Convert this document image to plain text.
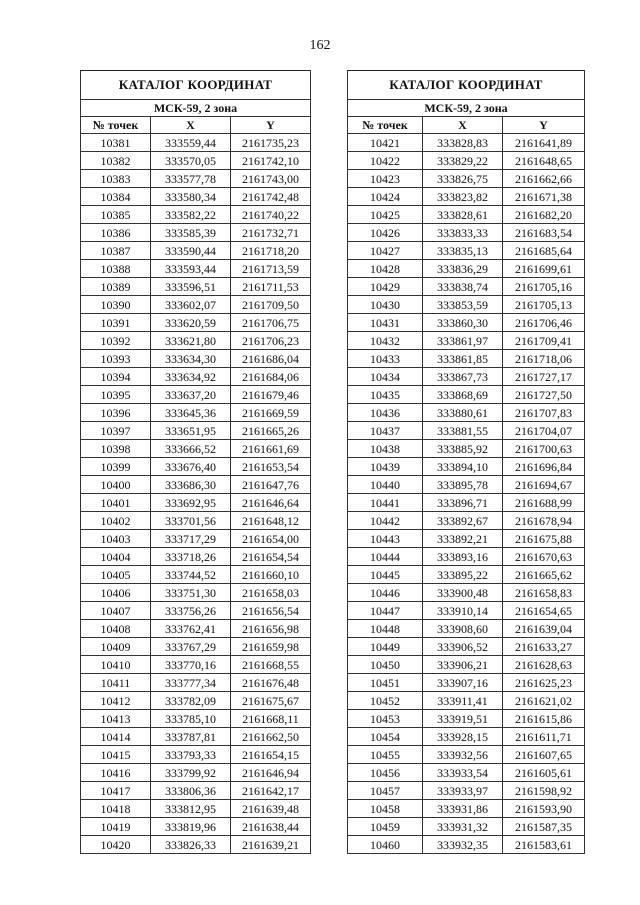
162
КАТАЛОГ КООРДИНАТ		
МСК-59, 2 зона		
№ точек	X	Y
10381	333559,44	2161735,23
10382	333570,05	2161742,10
10383	333577,78	2161743,00
10384	333580,34	2161742,48
10385	333582,22	2161740,22
10386	333585,39	2161732,71
10387	333590,44	2161718,20
10388	333593,44	2161713,59
10389	333596,51	2161711,53
10390	333602,07	2161709,50
10391	333620,59	2161706,75
10392	333621,80	2161706,23
10393	333634,30	2161686,04
10394	333634,92	2161684,06
10395	333637,20	2161679,46
10396	333645,36	2161669,59
10397	333651,95	2161665,26
10398	333666,52	2161661,69
10399	333676,40	2161653,54
10400	333686,30	2161647,76
10401	333692,95	2161646,64
10402	333701,56	2161648,12
10403	333717,29	2161654,00
10404	333718,26	2161654,54
10405	333744,52	2161660,10
10406	333751,30	2161658,03
10407	333756,26	2161656,54
10408	333762,41	2161656,98
10409	333767,29	2161659,98
10410	333770,16	2161668,55
10411	333777,34	2161676,48
10412	333782,09	2161675,67
10413	333785,10	2161668,11
10414	333787,81	2161662,50
10415	333793,33	2161654,15
10416	333799,92	2161646,94
10417	333806,36	2161642,17
10418	333812,95	2161639,48
10419	333819,96	2161638,44
10420	333826,33	2161639,21
КАТАЛОГ КООРДИНАТ		
МСК-59, 2 зона		
№ точек	X	Y
10421	333828,83	2161641,89
10422	333829,22	2161648,65
10423	333826,75	2161662,66
10424	333823,82	2161671,38
10425	333828,61	2161682,20
10426	333833,33	2161683,54
10427	333835,13	2161685,64
10428	333836,29	2161699,61
10429	333838,74	2161705,16
10430	333853,59	2161705,13
10431	333860,30	2161706,46
10432	333861,97	2161709,41
10433	333861,85	2161718,06
10434	333867,73	2161727,17
10435	333868,69	2161727,50
10436	333880,61	2161707,83
10437	333881,55	2161704,07
10438	333885,92	2161700,63
10439	333894,10	2161696,84
10440	333895,78	2161694,67
10441	333896,71	2161688,99
10442	333892,67	2161678,94
10443	333892,21	2161675,88
10444	333893,16	2161670,63
10445	333895,22	2161665,62
10446	333900,48	2161658,83
10447	333910,14	2161654,65
10448	333908,60	2161639,04
10449	333906,52	2161633,27
10450	333906,21	2161628,63
10451	333907,16	2161625,23
10452	333911,41	2161621,02
10453	333919,51	2161615,86
10454	333928,15	2161611,71
10455	333932,56	2161607,65
10456	333933,54	2161605,61
10457	333933,97	2161598,92
10458	333931,86	2161593,90
10459	333931,32	2161587,35
10460	333932,35	2161583,61
